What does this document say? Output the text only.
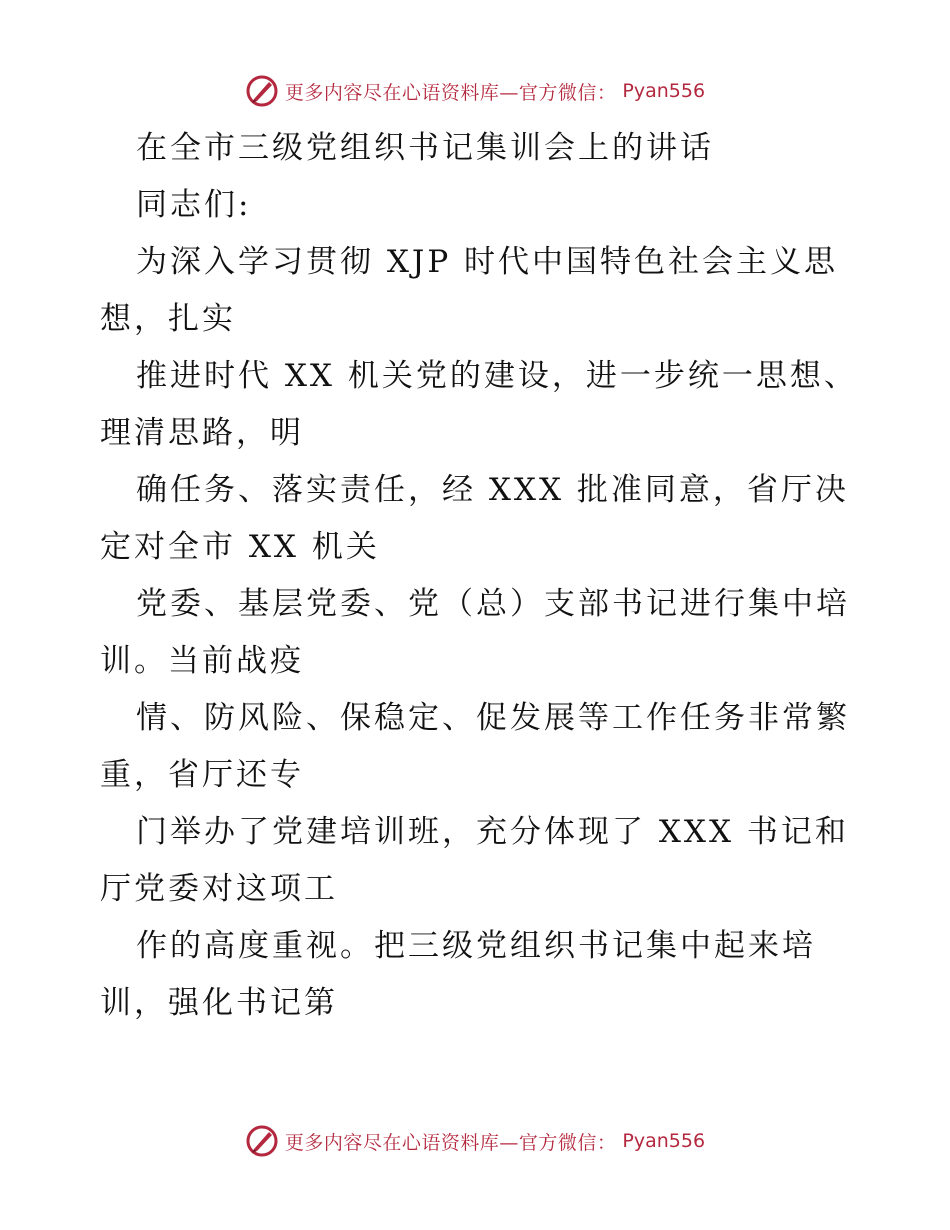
更多内容尽在心语资料库—官方微信： Pyan556
在全市三级党组织书记集训会上的讲话
同志们:
为深入学习贯彻 XJP 时代中国特色社会主义思
想，扎实
推进时代 XX 机关党的建设，进一步统一思想、
理清思路，明
确任务、落实责任，经 XXX 批准同意，省厅决
定对全市 XX 机关
党委、基层党委、党（总）支部书记进行集中培
训。当前战疫
情、防风险、保稳定、促发展等工作任务非常繁
重，省厅还专
门举办了党建培训班，充分体现了 XXX 书记和
厅党委对这项工
作的高度重视。把三级党组织书记集中起来培
训，强化书记第
更多内容尽在心语资料库—官方微信： Pyan556
